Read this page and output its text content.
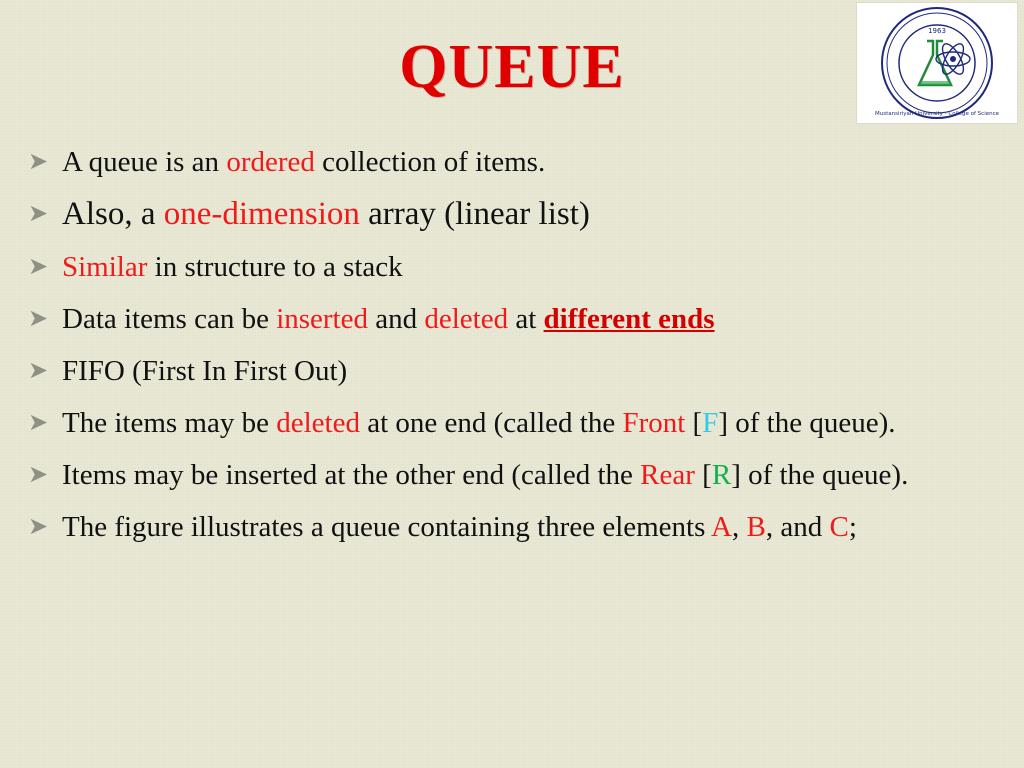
1963
Mustansiriyah University - College of Science
QUEUE
➤ A queue is an ordered collection of items.
➤ Also, a one-dimension array (linear list)
➤ Similar in structure to a stack
➤ Data items can be inserted and deleted at different ends
➤ FIFO (First In First Out)
➤ The items may be deleted at one end (called the Front [F] of the queue).
➤ Items may be inserted at the other end (called the Rear [R] of the queue).
➤ The figure illustrates a queue containing three elements A, B, and C;
